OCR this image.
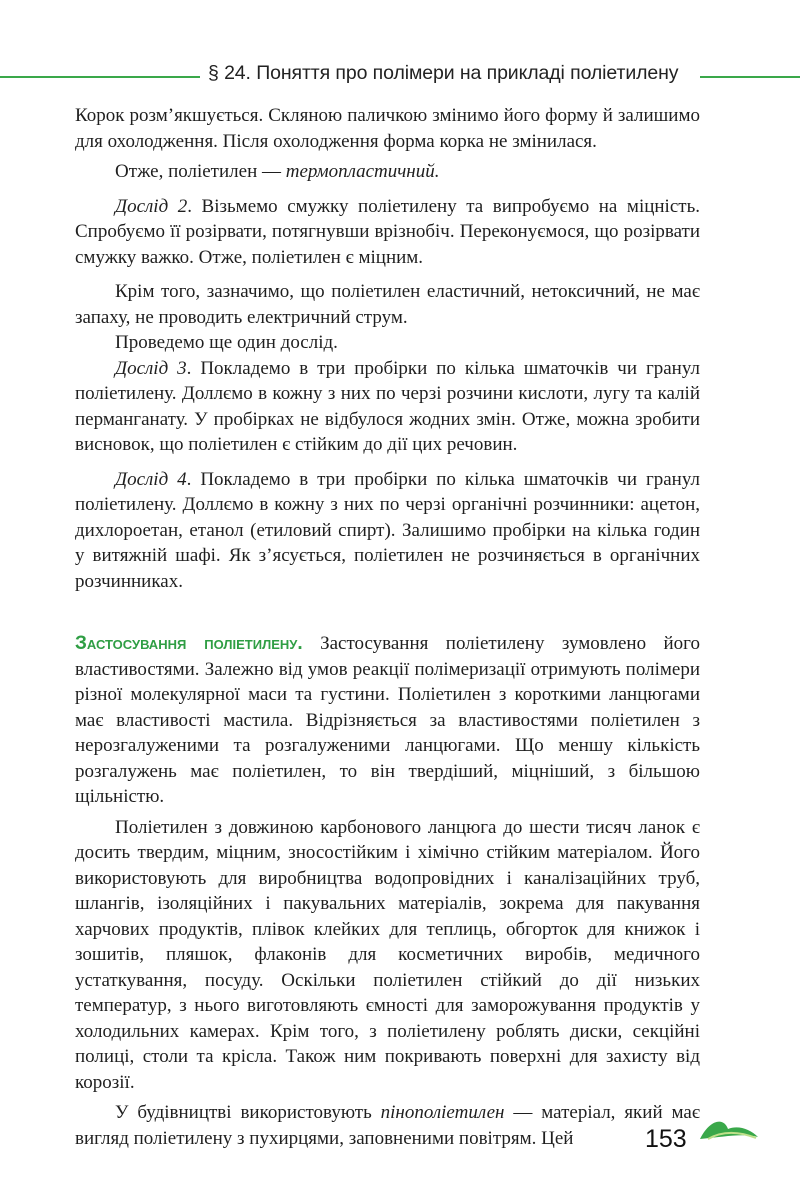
§ 24. Поняття про полімери на прикладі поліетилену

Корок розм’якшується. Скляною паличкою змінимо його форму й залишимо для охолодження. Після охолодження форма корка не змінилася.

Отже, поліетилен — термопластичний.

Дослід 2. Візьмемо смужку поліетилену та випробуємо на міцність. Спробуємо її розірвати, потягнувши врізнобіч. Переконуємося, що розірвати смужку важко. Отже, поліетилен є міцним.

Крім того, зазначимо, що поліетилен еластичний, нетоксичний, не має запаху, не проводить електричний струм.

Проведемо ще один дослід.

Дослід 3. Покладемо в три пробірки по кілька шматочків чи гранул поліетилену. Доллємо в кожну з них по черзі розчини кислоти, лугу та калій перманганату. У пробірках не відбулося жодних змін. Отже, можна зробити висновок, що поліетилен є стійким до дії цих речовин.

Дослід 4. Покладемо в три пробірки по кілька шматочків чи гранул поліетилену. Доллємо в кожну з них по черзі органічні розчинники: ацетон, дихлороетан, етанол (етиловий спирт). Залишимо пробірки на кілька годин у витяжній шафі. Як з’ясується, поліетилен не розчиняється в органічних розчинниках.

Застосування поліетилену. Застосування поліетилену зумовлено його властивостями. Залежно від умов реакції полімеризації отримують полімери різної молекулярної маси та густини. Поліетилен з короткими ланцюгами має властивості мастила. Відрізняється за властивостями поліетилен з нерозгалуженими та розгалуженими ланцюгами. Що меншу кількість розгалужень має поліетилен, то він твердіший, міцніший, з більшою щільністю.

Поліетилен з довжиною карбонового ланцюга до шести тисяч ланок є досить твердим, міцним, зносостійким і хімічно стійким матеріалом. Його використовують для виробництва водопровідних і каналізаційних труб, шлангів, ізоляційних і пакувальних матеріалів, зокрема для пакування харчових продуктів, плівок клейких для теплиць, обгорток для книжок і зошитів, пляшок, флаконів для косметичних виробів, медичного устаткування, посуду. Оскільки поліетилен стійкий до дії низьких температур, з нього виготовляють ємності для заморожування продуктів у холодильних камерах. Крім того, з поліетилену роблять диски, секційні полиці, столи та крісла. Також ним покривають поверхні для захисту від корозії.

У будівництві використовують пінополіетилен — матеріал, який має вигляд поліетилену з пухирцями, заповненими повітрям. Цей	153
